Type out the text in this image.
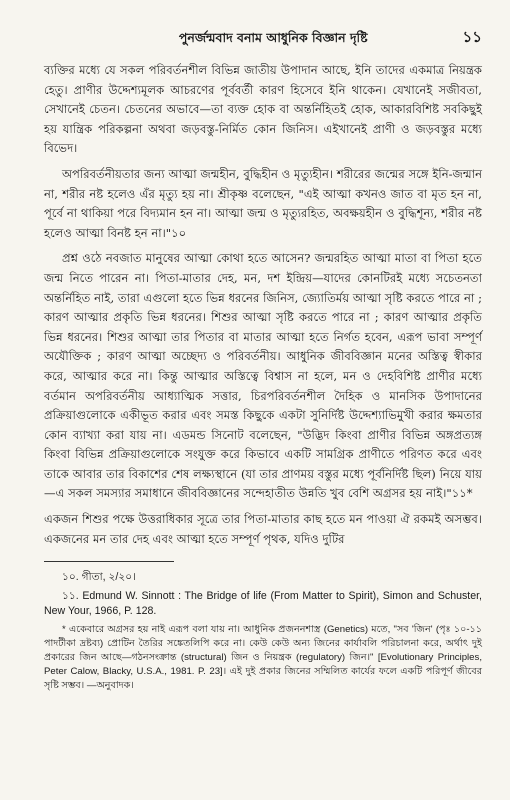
পুনর্জন্মবাদ বনাম আধুনিক বিজ্ঞান দৃষ্টি	১১

ব্যক্তির মধ্যে যে সকল পরিবর্তনশীল বিভিন্ন জাতীয় উপাদান আছে, ইনি তাদের একমাত্র নিয়ন্ত্রক হেতু। প্রাণীর উদ্দেশ্যমূলক আচরণের পূর্ববর্তী কারণ হিসেবে ইনি থাকেন। যেখানেই সজীবতা, সেখানেই চেতন। চেতনের অভাবে—তা ব্যক্ত হোক বা অন্তর্নিহিতই হোক, আকারবিশিষ্ট সবকিছুই হয় যান্ত্রিক পরিকল্পনা অথবা জড়বস্তু-নির্মিত কোন জিনিস। এইখানেই প্রাণী ও জড়বস্তুর মধ্যে বিভেদ।

অপরিবর্তনীয়তার জন্য আত্মা জন্মহীন, বুদ্ধিহীন ও মৃত্যুহীন। শরীরের জন্মের সঙ্গে ইনি-জন্মান না, শরীর নষ্ট হলেও এঁর মৃত্যু হয় না। শ্রীকৃষ্ণ বলেছেন, "এই আত্মা কখনও জাত বা মৃত হন না, পূর্বে না থাকিয়া পরে বিদ্যমান হন না। আত্মা জন্ম ও মৃত্যুরহিত, অবক্ষয়হীন ও বুদ্ধিশূন্য, শরীর নষ্ট হলেও আত্মা বিনষ্ট হন না।"১০

প্রশ্ন ওঠে নবজাত মানুষের আত্মা কোথা হতে আসেন? জন্মরহিত আত্মা মাতা বা পিতা হতে জন্ম নিতে পারেন না। পিতা-মাতার দেহ, মন, দশ ইন্দ্রিয়—যাদের কোনটিরই মধ্যে সচেতনতা অন্তর্নিহিত নাই, তারা এগুলো হতে ভিন্ন ধরনের জিনিস, জ্যোতির্ময় আত্মা সৃষ্টি করতে পারে না ; কারণ আত্মার প্রকৃতি ভিন্ন ধরনের। শিশুর আত্মা সৃষ্টি করতে পারে না ; কারণ আত্মার প্রকৃতি ভিন্ন ধরনের। শিশুর আত্মা তার পিতার বা মাতার আত্মা হতে নির্গত হবেন, এরূপ ভাবা সম্পূর্ণ অযৌক্তিক ; কারণ আত্মা অচ্ছেদ্য ও পরিবর্তনীয়। আধুনিক জীববিজ্ঞান মনের অস্তিত্ব স্বীকার করে, আত্মার করে না। কিন্তু আত্মার অস্তিত্বে বিশ্বাস না হলে, মন ও দেহবিশিষ্ট প্রাণীর মধ্যে বর্তমান অপরিবর্তনীয় আধ্যাত্মিক সত্তার, চিরপরিবর্তনশীল দৈহিক ও মানসিক উপাদানের প্রক্রিয়াগুলোকে একীভূত করার এবং সমস্ত কিছুকে একটা সুনির্দিষ্ট উদ্দেশ্যাভিমুখী করার ক্ষমতার কোন ব্যাখ্যা করা যায় না। এডমন্ড সিনোট বলেছেন, "উদ্ভিদ কিংবা প্রাণীর বিভিন্ন অঙ্গপ্রত্যঙ্গ কিংবা বিভিন্ন প্রক্রিয়াগুলোকে সংযুক্ত করে কিভাবে একটি সামগ্রিক প্রাণীতে পরিণত করে এবং তাকে আবার তার বিকাশের শেষ লক্ষ্যস্থানে (যা তার প্রাণময় বস্তুর মধ্যে পূর্বনির্দিষ্ট ছিল) নিয়ে যায়—এ সকল সমস্যার সমাধানে জীববিজ্ঞানের সন্দেহাতীত উন্নতি খুব বেশি অগ্রসর হয় নাই।"১১*

একজন শিশুর পক্ষে উত্তরাধিকার সূত্রে তার পিতা-মাতার কাছ হতে মন পাওয়া ঐ রকমই অসম্ভব। একজনের মন তার দেহ এবং আত্মা হতে সম্পূর্ণ পৃথক, যদিও দুটির

১০. গীতা, ২/২০।

১১. Edmund W. Sinnott : The Bridge of life (From Matter to Spirit), Simon and Schuster, New Your, 1966, P. 128.

* একেবারে অগ্রসর হয় নাই এরূপ বলা যায় না। আধুনিক প্রজননশাস্ত্র (Genetics) মতে, "সব 'জিন' (পৃঃ ১০-১১ পাদটীকা দ্রষ্টব্য) প্রোটিন তৈরির সঙ্কেতলিপি করে না। কেউ কেউ অন্য জিনের কার্যাবলি পরিচালনা করে, অর্থাৎ দুই প্রকারের জিন আছে—গঠনসংক্রান্ত (structural) জিন ও নিয়ন্ত্রক (regulatory) জিন।" [Evolutionary Principles, Peter Calow, Blacky, U.S.A., 1981. P. 23]। এই দুই প্রকার জিনের সম্মিলিত কার্যের ফলে একটি পরিপূর্ণ জীবের সৃষ্টি সম্ভব। —অনুবাদক।
